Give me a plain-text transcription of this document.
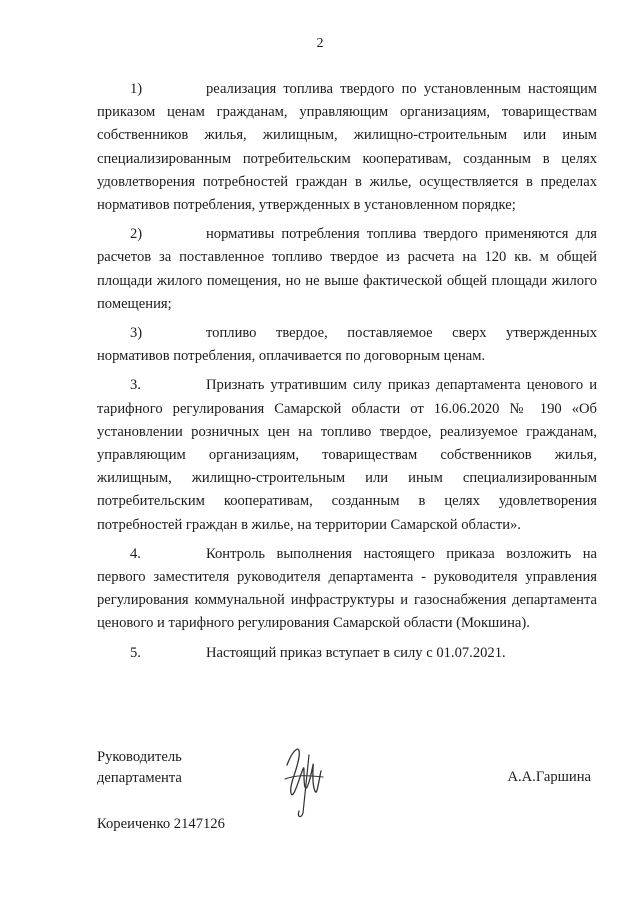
2

1)	реализация топлива твердого по установленным настоящим приказом ценам гражданам, управляющим организациям, товариществам собственников жилья, жилищным, жилищно-строительным или иным специализированным потребительским кооперативам, созданным в целях удовлетворения потребностей граждан в жилье, осуществляется в пределах нормативов потребления, утвержденных в установленном порядке;

2)	нормативы потребления топлива твердого применяются для расчетов за поставленное топливо твердое из расчета на 120 кв. м общей площади жилого помещения, но не выше фактической общей площади жилого помещения;

3)	топливо твердое, поставляемое сверх утвержденных нормативов потребления, оплачивается по договорным ценам.

3.	Признать утратившим силу приказ департамента ценового и тарифного регулирования Самарской области от 16.06.2020 № 190 «Об установлении розничных цен на топливо твердое, реализуемое гражданам, управляющим организациям, товариществам собственников жилья, жилищным, жилищно-строительным или иным специализированным потребительским кооперативам, созданным в целях удовлетворения потребностей граждан в жилье, на территории Самарской области».

4.	Контроль выполнения настоящего приказа возложить на первого заместителя руководителя департамента - руководителя управления регулирования коммунальной инфраструктуры и газоснабжения департамента ценового и тарифного регулирования Самарской области (Мокшина).

5.	Настоящий приказ вступает в силу с 01.07.2021.

Руководитель
департамента	А.А.Гаршина
Кореиченко 2147126
